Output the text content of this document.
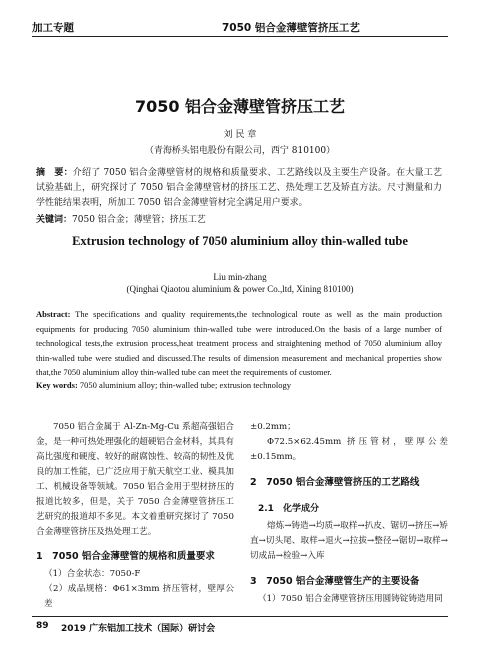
加工专题	7050 铝合金薄壁管挤压工艺
7050 铝合金薄壁管挤压工艺
刘 民 章
（青海桥头铝电股份有限公司，西宁 810100）
摘　要：介绍了 7050 铝合金薄壁管材的规格和质量要求、工艺路线以及主要生产设备。在大量工艺试验基础上，研究探讨了 7050 铝合金薄壁管材的挤压工艺、热处理工艺及矫直方法。尺寸测量和力学性能结果表明，所加工 7050 铝合金薄壁管材完全满足用户要求。
关键词：7050 铝合金；薄壁管；挤压工艺
Extrusion technology of 7050 aluminium alloy thin-walled tube
Liu min-zhang
(Qinghai Qiaotou aluminium & power Co.,ltd, Xining 810100)
Abstract: The specifications and quality requirements,the technological route as well as the main production equipments for producing 7050 aluminium thin-walled tube were introduced.On the basis of a large number of technological tests,the extrusion process,heat treatment process and straightening method of 7050 aluminium alloy thin-walled tube were studied and discussed.The results of dimension measurement and mechanical properties show that,the 7050 aluminium alloy thin-walled tube can meet the requirements of customer.
Key words: 7050 aluminium alloy; thin-walled tube; extrusion technology

7050 铝合金属于 Al-Zn-Mg-Cu 系超高强铝合金，是一种可热处理强化的超硬铝合金材料，其具有高比强度和硬度、较好的耐腐蚀性、较高的韧性及优良的加工性能，已广泛应用于航天航空工业、模具加工、机械设备等领域。7050 铝合金用于型材挤压的报道比较多，但是，关于 7050 合金薄壁管挤压工艺研究的报道却不多见。本文着重研究探讨了 7050 合金薄壁管挤压及热处理工艺。

1　7050 铝合金薄壁管的规格和质量要求

（1）合金状态：7050-F

（2）成品规格：Φ61×3mm 挤压管材，壁厚公差

±0.2mm；

Φ72.5×62.45mm 挤压管材，壁厚公差 ±0.15mm。

2　7050 铝合金薄壁管挤压的工艺路线

2.1　化学成分

熔炼→铸造→均质→取样→扒皮、锯切→挤压→矫直→切头尾、取样→退火→拉拔→整径→锯切→取样→切成品→检验→入库

3　7050 铝合金薄壁管生产的主要设备

（1）7050 铝合金薄壁管挤压用圆铸锭铸造用同

89 2019 广东铝加工技术（国际）研讨会
